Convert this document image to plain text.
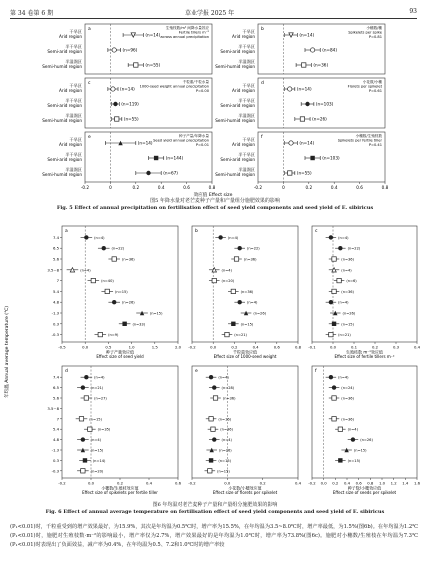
第 34 卷第 6 期	草业学报 2025 年	93
a
干旱区
Arid region	(n=14)
半干旱区
Semi-arid region	(n=96)
半湿润区
Semi-humid region	(n=55)
生殖枝数/m² 间降水量效应
Fertile tillers m⁻²
across annual precipitation
b
干旱区
Arid region	(n=14)
半干旱区
Semi-arid region	(n=84)
半湿润区
Semi-humid region	(n=36)
小穗数/穗
Spikelets per spike
P=0.81
c
干旱区
Arid region	(n=14)
半干旱区
Semi-arid region	(n=119)
半湿润区
Semi-humid region	(n=55)
千粒重/千粒水量
1000-seed weight annual precipitation
P=0.00
d
干旱区
Arid region	(n=14)
半干旱区
Semi-arid region	(n=103)
半湿润区
Semi-humid region	(n=26)
小花数/小穗
Florets per spikelet
P=0.61
e
干旱区
Arid region	(n=14)
半干旱区
Semi-arid region	(n=144)
半湿润区
Semi-humid region	(n=67)
种子产量/年降水量
Seed yield annual precipitation
P=0.01
f
干旱区
Arid region	(n=14)
半干旱区
Semi-arid region	(n=103)
半湿润区
Semi-humid region	(n=55)
小穗数/生殖枝数
Spikelets per fertile tiller
P=0.41
-0.2	0	0.2	0.4	0.6	0.8	-0.2	0	0.2	0.4	0.6	0.8
效应值 Effect size
图5 年降水量对老芒麦种子产量和产量组分施肥效果的影响
Fig. 5 Effect of annual precipitation on fertilisation effect of seed yield components and seed yield of E. sibiricus
年均温 Annual average temperature (℃)
a
-0.5	0.0	0.5	1.0	1.5	2.0
种子产量效应值
Effect size of seed yield
7.4	(n=4)
6.5	(n=22)
5.6	(n=36)
3.5~8	(n=4)
7	(n=40)
5.4	(n=15)
4.8	(n=26)
-1.3	(n=15)
0.3	(n=33)
-0.3	(n=9)
b
-0.2	0.0	0.2	0.4	0.6	0.8
千粒重效应值
Effect size of 1000-seed weight
(n=4)
(n=22)
(n=36)
(n=4)
(n=20)
(n=36)
(n=4)
(n=26)
(n=15)
(n=21)
c
-0.1	0.0	0.1	0.2	0.3	0.4
生殖枝数 m⁻²效应值
Effect size of fertile tillers m⁻²
(n=4)
(n=22)
(n=36)
(n=4)
(n=6)
(n=36)
(n=4)
(n=26)
(n=15)
(n=21)
d
-0.2	0.0	0.2	0.4	0.6
小穗数/生殖枝效应值
Effect size of spikelets per fertile tiller
7.4	(n=4)
6.5	(n=21)
5.6	(n=27)
3.5~8
7	(n=15)
5.4	(n=35)
4.8	(n=4)
-1.3	(n=15)
0.3	(n=14)
-0.3	(n=20)
e
-0.2	0.0	0.2	0.4
小花数/小穗效应值
Effect size of florets per spikelet
(n=4)
(n=28)
(n=36)
(n=16)
(n=36)
(n=4)
(n=26)
(n=15)
(n=15)
f
-0.2 0.0 0.2 0.4 0.6 0.8 1.0 1.2 1.4 1.6
种子数/小穗效应值
Effect size of seeds per spikelet
(n=4)
(n=24)
(n=36)
(n=36)
(n=4)
(n=26)
(n=15)
(n=15)
图6 年均温对老芒麦种子产量和产量组分施肥效果的影响
Fig. 6 Effect of annual average temperature on fertilisation effect of seed yield components and seed yield of E. sibiricus

(P₁<0.01)时，千粒重受到的增产效果最好，为15.9%，其次是年均温为0.5℃时，增产率为15.5%，在年均温为3.5~8.0℃时，增产率最低，为1.5%(图6b)。在年均温为1.2℃(P₁<0.01)时，施肥对生殖枝数·m⁻²的影响最小，增产率仅为2.7%，增产效果最好的是年均温为1.0℃时，增产率为73.8%(图6c)。施肥对小穗数/生殖枝在年均温为7.3℃(P₁<0.01)时表现出了负面效益，减产率为0.4%，在年均温为0.5、7.2和1.0℃时的增产率较
